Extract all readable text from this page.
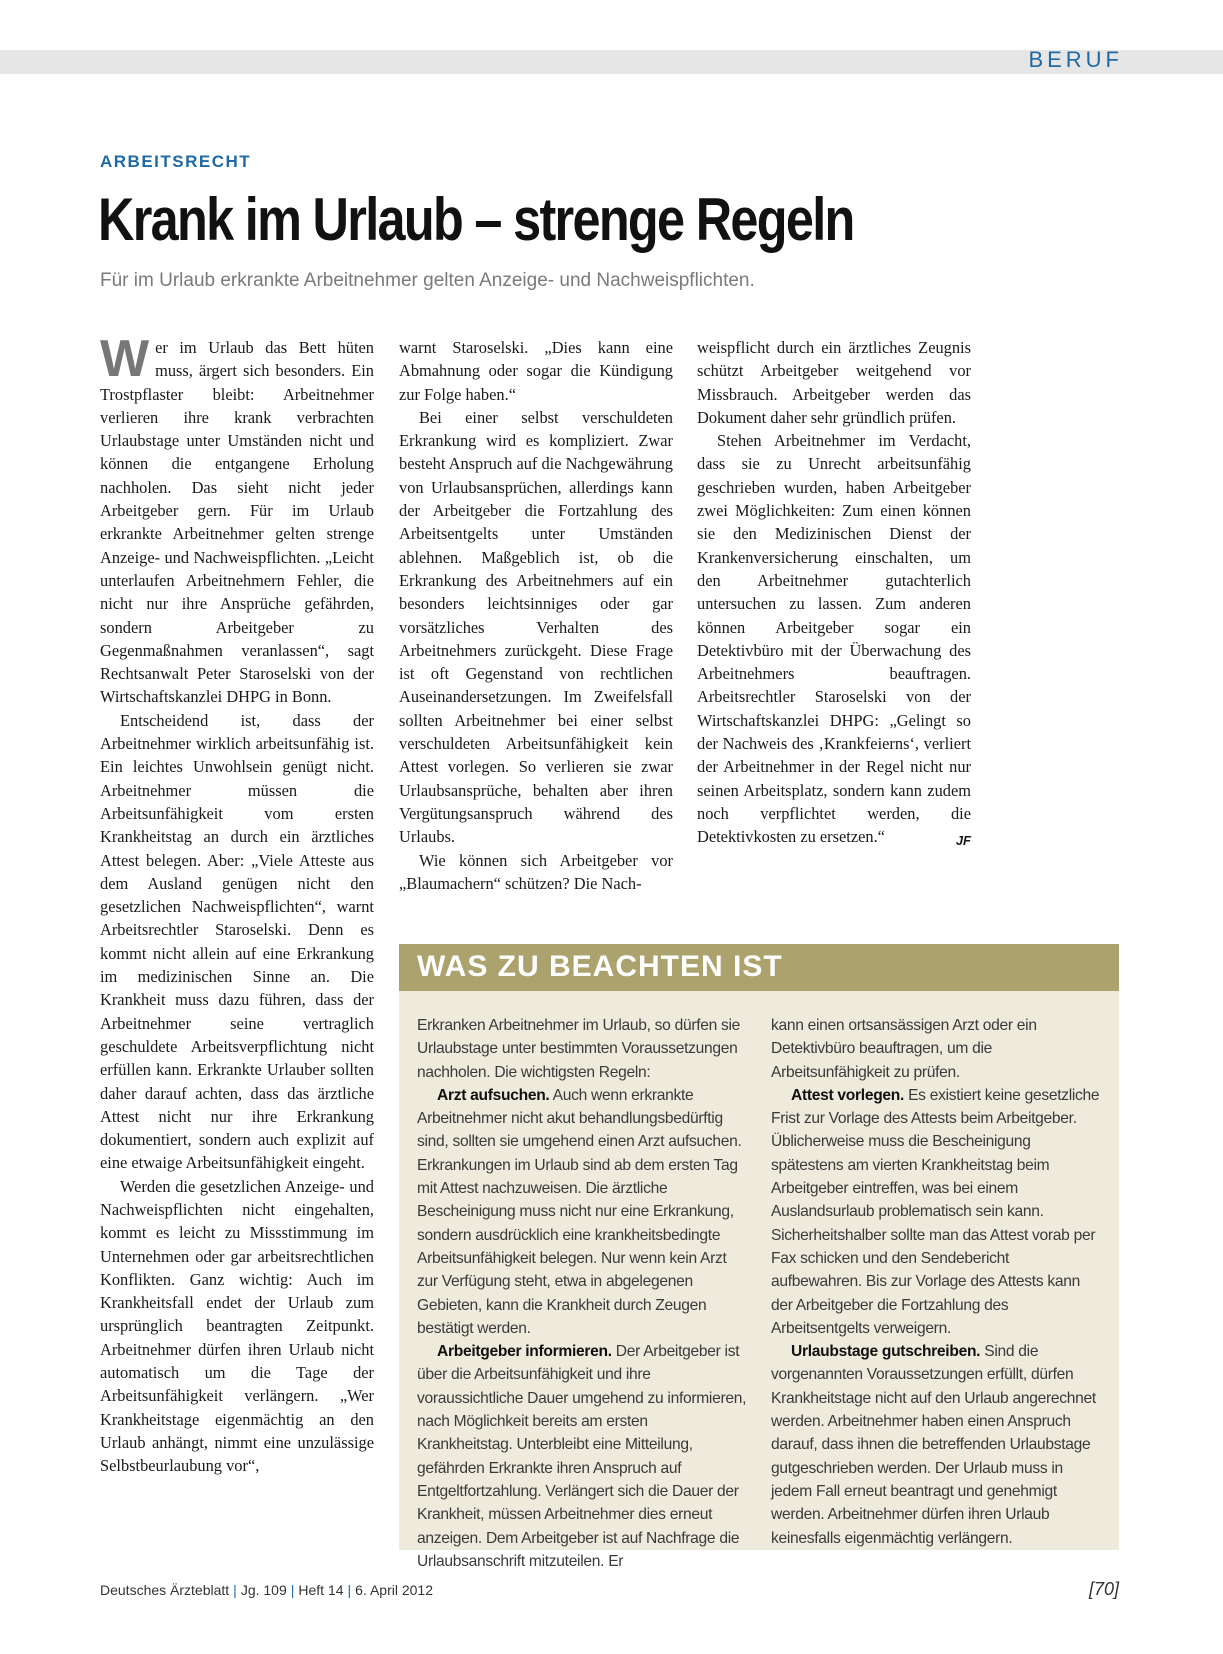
BERUF
ARBEITSRECHT
Krank im Urlaub – strenge Regeln
Für im Urlaub erkrankte Arbeitnehmer gelten Anzeige- und Nachweispflichten.

Wer im Urlaub das Bett hüten muss, ärgert sich besonders. Ein Trostpflaster bleibt: Arbeitnehmer verlieren ihre krank verbrachten Urlaubstage unter Umständen nicht und können die entgangene Erholung nachholen. Das sieht nicht jeder Arbeitgeber gern. Für im Urlaub erkrankte Arbeitnehmer gelten strenge Anzeige- und Nachweispflichten. „Leicht unterlaufen Arbeitnehmern Fehler, die nicht nur ihre Ansprüche gefährden, sondern Arbeitgeber zu Gegenmaßnahmen veranlassen“, sagt Rechtsanwalt Peter Staroselski von der Wirtschaftskanzlei DHPG in Bonn.

Entscheidend ist, dass der Arbeitnehmer wirklich arbeitsunfähig ist. Ein leichtes Unwohlsein genügt nicht. Arbeitnehmer müssen die Arbeitsunfähigkeit vom ersten Krankheitstag an durch ein ärztliches Attest belegen. Aber: „Viele Atteste aus dem Ausland genügen nicht den gesetzlichen Nachweispflichten“, warnt Arbeitsrechtler Staroselski. Denn es kommt nicht allein auf eine Erkrankung im medizinischen Sinne an. Die Krankheit muss dazu führen, dass der Arbeitnehmer seine vertraglich geschuldete Arbeitsverpflichtung nicht erfüllen kann. Erkrankte Urlauber sollten daher darauf achten, dass das ärztliche Attest nicht nur ihre Erkrankung dokumentiert, sondern auch explizit auf eine etwaige Arbeitsunfähigkeit eingeht.

Werden die gesetzlichen Anzeige- und Nachweispflichten nicht eingehalten, kommt es leicht zu Missstimmung im Unternehmen oder gar arbeitsrechtlichen Konflikten. Ganz wichtig: Auch im Krankheitsfall endet der Urlaub zum ursprünglich beantragten Zeitpunkt. Arbeitnehmer dürfen ihren Urlaub nicht automatisch um die Tage der Arbeitsunfähigkeit verlängern. „Wer Krankheitstage eigenmächtig an den Urlaub anhängt, nimmt eine unzulässige Selbstbeurlaubung vor“,

warnt Staroselski. „Dies kann eine Abmahnung oder sogar die Kündigung zur Folge haben.“

Bei einer selbst verschuldeten Erkrankung wird es kompliziert. Zwar besteht Anspruch auf die Nachgewährung von Urlaubsansprüchen, allerdings kann der Arbeitgeber die Fortzahlung des Arbeitsentgelts unter Umständen ablehnen. Maßgeblich ist, ob die Erkrankung des Arbeitnehmers auf ein besonders leichtsinniges oder gar vorsätzliches Verhalten des Arbeitnehmers zurückgeht. Diese Frage ist oft Gegenstand von rechtlichen Auseinandersetzungen. Im Zweifelsfall sollten Arbeitnehmer bei einer selbst verschuldeten Arbeitsunfähigkeit kein Attest vorlegen. So verlieren sie zwar Urlaubsansprüche, behalten aber ihren Vergütungsanspruch während des Urlaubs.

Wie können sich Arbeitgeber vor „Blaumachern“ schützen? Die Nach-

weispflicht durch ein ärztliches Zeugnis schützt Arbeitgeber weitgehend vor Missbrauch. Arbeitgeber werden das Dokument daher sehr gründlich prüfen.

Stehen Arbeitnehmer im Verdacht, dass sie zu Unrecht arbeitsunfähig geschrieben wurden, haben Arbeitgeber zwei Möglichkeiten: Zum einen können sie den Medizinischen Dienst der Krankenversicherung einschalten, um den Arbeitnehmer gutachterlich untersuchen zu lassen. Zum anderen können Arbeitgeber sogar ein Detektivbüro mit der Überwachung des Arbeitnehmers beauftragen. Arbeitsrechtler Staroselski von der Wirtschaftskanzlei DHPG: „Gelingt so der Nachweis des ‚Krankfeierns‘, verliert der Arbeitnehmer in der Regel nicht nur seinen Arbeitsplatz, sondern kann zudem noch verpflichtet werden, die Detektivkosten zu ersetzen.“	JF
WAS ZU BEACHTEN IST

Erkranken Arbeitnehmer im Urlaub, so dürfen sie Urlaubstage unter bestimmten Voraussetzungen nachholen. Die wichtigsten Regeln:

Arzt aufsuchen. Auch wenn erkrankte Arbeitnehmer nicht akut behandlungsbedürftig sind, sollten sie umgehend einen Arzt aufsuchen. Erkrankungen im Urlaub sind ab dem ersten Tag mit Attest nachzuweisen. Die ärztliche Bescheinigung muss nicht nur eine Erkrankung, sondern ausdrücklich eine krankheitsbedingte Arbeitsunfähigkeit belegen. Nur wenn kein Arzt zur Verfügung steht, etwa in abgelegenen Gebieten, kann die Krankheit durch Zeugen bestätigt werden.

Arbeitgeber informieren. Der Arbeitgeber ist über die Arbeitsunfähigkeit und ihre voraussichtliche Dauer umgehend zu informieren, nach Möglichkeit bereits am ersten Krankheitstag. Unterbleibt eine Mitteilung, gefährden Erkrankte ihren Anspruch auf Entgeltfortzahlung. Verlängert sich die Dauer der Krankheit, müssen Arbeitnehmer dies erneut anzeigen. Dem Arbeitgeber ist auf Nachfrage die Urlaubsanschrift mitzuteilen. Er

kann einen ortsansässigen Arzt oder ein Detektivbüro beauftragen, um die Arbeitsunfähigkeit zu prüfen.

Attest vorlegen. Es existiert keine gesetzliche Frist zur Vorlage des Attests beim Arbeitgeber. Üblicherweise muss die Bescheinigung spätestens am vierten Krankheitstag beim Arbeitgeber eintreffen, was bei einem Auslandsurlaub problematisch sein kann. Sicherheitshalber sollte man das Attest vorab per Fax schicken und den Sendebericht aufbewahren. Bis zur Vorlage des Attests kann der Arbeitgeber die Fortzahlung des Arbeitsentgelts verweigern.

Urlaubstage gutschreiben. Sind die vorgenannten Voraussetzungen erfüllt, dürfen Krankheitstage nicht auf den Urlaub angerechnet werden. Arbeitnehmer haben einen Anspruch darauf, dass ihnen die betreffenden Urlaubstage gutgeschrieben werden. Der Urlaub muss in jedem Fall erneut beantragt und genehmigt werden. Arbeitnehmer dürfen ihren Urlaub keinesfalls eigenmächtig verlängern.

Deutsches Ärzteblatt | Jg. 109 | Heft 14 | 6. April 2012	[70]
